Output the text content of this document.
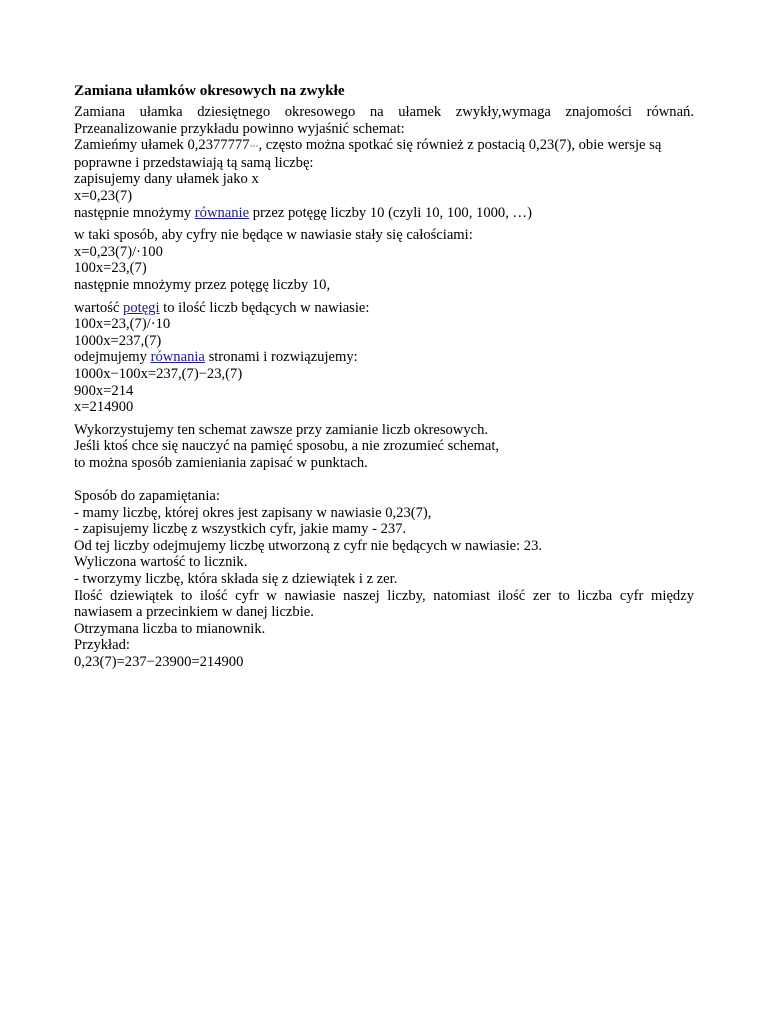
Zamiana ułamków okresowych na zwykłe
Zamiana ułamka dziesiętnego okresowego na ułamek zwykły,wymaga znajomości równań.
Przeanalizowanie przykładu powinno wyjaśnić schemat:
Zamieńmy ułamek 0,2377777···, często można spotkać się również z postacią 0,23(7), obie wersje są
poprawne i przedstawiają tą samą liczbę:
zapisujemy dany ułamek jako x
x=0,23(7)
następnie mnożymy równanie przez potęgę liczby 10 (czyli 10, 100, 1000, …)
w taki sposób, aby cyfry nie będące w nawiasie stały się całościami:
x=0,23(7)/·100
100x=23,(7)
następnie mnożymy przez potęgę liczby 10,
wartość potęgi to ilość liczb będących w nawiasie:
100x=23,(7)/·10
1000x=237,(7)
odejmujemy równania stronami i rozwiązujemy:
1000x−100x=237,(7)−23,(7)
900x=214
x=214900
Wykorzystujemy ten schemat zawsze przy zamianie liczb okresowych.
Jeśli ktoś chce się nauczyć na pamięć sposobu, a nie zrozumieć schemat,
to można sposób zamieniania zapisać w punktach.
Sposób do zapamiętania:
- mamy liczbę, której okres jest zapisany w nawiasie 0,23(7),
- zapisujemy liczbę z wszystkich cyfr, jakie mamy - 237.
Od tej liczby odejmujemy liczbę utworzoną z cyfr nie będących w nawiasie: 23.
Wyliczona wartość to licznik.
- tworzymy liczbę, która składa się z dziewiątek i z zer.
Ilość dziewiątek to ilość cyfr w nawiasie naszej liczby, natomiast ilość zer to liczba cyfr między
nawiasem a przecinkiem w danej liczbie.
Otrzymana liczba to mianownik.
Przykład:
0,23(7)=237−23900=214900
